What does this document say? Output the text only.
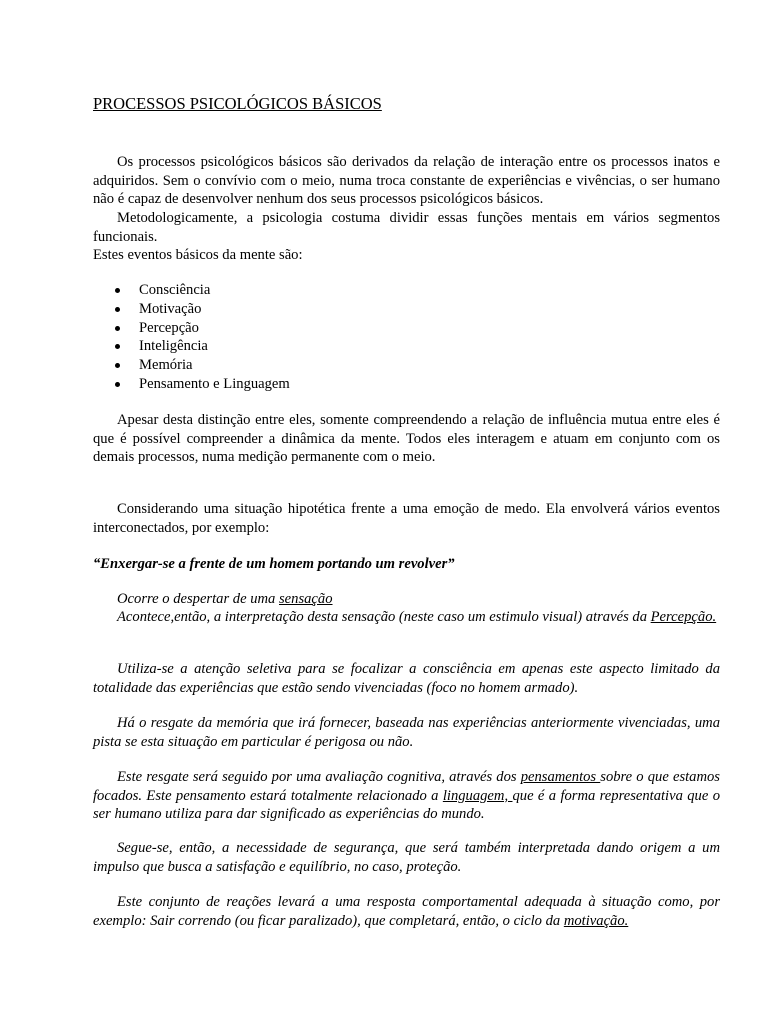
PROCESSOS PSICOLÓGICOS BÁSICOS

Os processos psicológicos básicos são derivados da relação de interação entre os processos inatos e adquiridos. Sem o convívio com o meio, numa troca constante de experiências e vivências, o ser humano não é capaz de desenvolver nenhum dos seus processos psicológicos básicos.

Metodologicamente, a psicologia costuma dividir essas funções mentais em vários segmentos funcionais.

Estes eventos básicos da mente são:

Consciência
Motivação
Percepção
Inteligência
Memória
Pensamento e Linguagem

Apesar desta distinção entre eles, somente compreendendo a relação de influência mutua entre eles é que é possível compreender a dinâmica da mente. Todos eles interagem e atuam em conjunto com os demais processos, numa medição permanente com o meio.

Considerando uma situação hipotética frente a uma emoção de medo. Ela envolverá vários eventos interconectados, por exemplo:

“Enxergar-se a frente de um homem portando um revolver”

Ocorre o despertar de uma sensação

Acontece,então, a interpretação desta sensação (neste caso um estimulo visual) através da Percepção.

Utiliza-se a atenção seletiva para se focalizar a consciência em apenas este aspecto limitado da totalidade das experiências que estão sendo vivenciadas (foco no homem armado).

Há o resgate da memória que irá fornecer, baseada nas experiências anteriormente vivenciadas, uma pista se esta situação em particular é perigosa ou não.

Este resgate será seguido por uma avaliação cognitiva, através dos pensamentos sobre o que estamos focados. Este pensamento estará totalmente relacionado a linguagem, que é a forma representativa que o ser humano utiliza para dar significado as experiências do mundo.

Segue-se, então, a necessidade de segurança, que será também interpretada dando origem a um impulso que busca a satisfação e equilíbrio, no caso, proteção.

Este conjunto de reações levará a uma resposta comportamental adequada à situação como, por exemplo: Sair correndo (ou ficar paralizado), que completará, então, o ciclo da motivação.
